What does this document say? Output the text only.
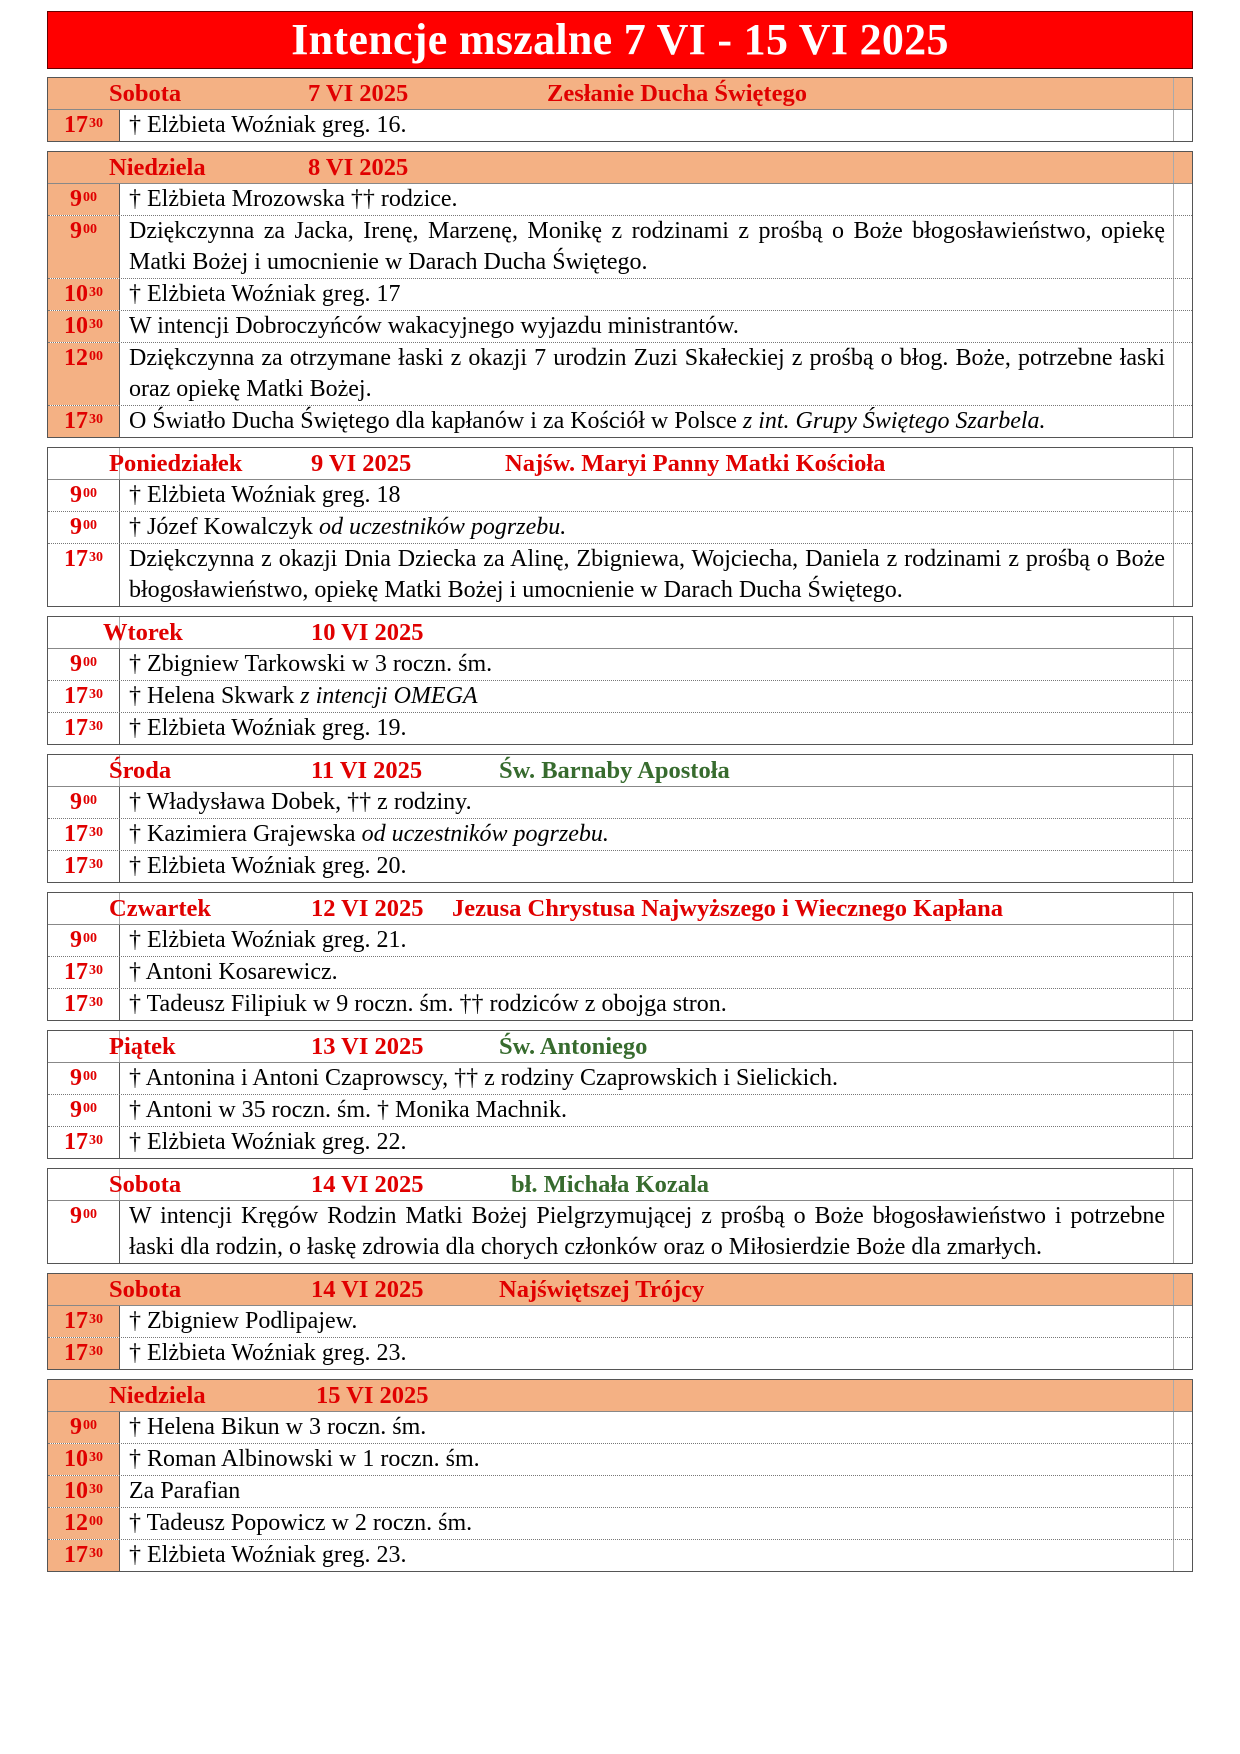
Intencje mszalne 7 VI - 15 VI 2025
Sobota	7 VI 2025	Zesłanie Ducha Świętego
$17^{30}$	† Elżbieta Woźniak greg. 16.
Niedziela	8 VI 2025
$9^{00}$	† Elżbieta Mrozowska †† rodzice.
$9^{00}$	Dziękczynna za Jacka, Irenę, Marzenę, Monikę z rodzinami z prośbą o Boże błogosławieństwo, opiekę Matki Bożej i umocnienie w Darach Ducha Świętego.
$10^{30}$	† Elżbieta Woźniak greg. 17
$10^{30}$	W intencji Dobroczyńców wakacyjnego wyjazdu ministrantów.
$12^{00}$	Dziękczynna za otrzymane łaski z okazji 7 urodzin Zuzi Skałeckiej z prośbą o błog. Boże, potrzebne łaski oraz opiekę Matki Bożej.
$17^{30}$	O Światło Ducha Świętego dla kapłanów i za Kościół w Polsce z int. Grupy Świętego Szarbela.
Poniedziałek	9 VI 2025	Najśw. Maryi Panny Matki Kościoła
$9^{00}$	† Elżbieta Woźniak greg. 18
$9^{00}$	† Józef Kowalczyk od uczestników pogrzebu.
$17^{30}$	Dziękczynna z okazji Dnia Dziecka za Alinę, Zbigniewa, Wojciecha, Daniela z rodzinami z prośbą o Boże błogosławieństwo, opiekę Matki Bożej i umocnienie w Darach Ducha Świętego.
Wtorek	10 VI 2025
$9^{00}$	† Zbigniew Tarkowski w 3 roczn. śm.
$17^{30}$	† Helena Skwark z intencji OMEGA
$17^{30}$	† Elżbieta Woźniak greg. 19.
Środa	11 VI 2025	Św. Barnaby Apostoła
$9^{00}$	† Władysława Dobek, †† z rodziny.
$17^{30}$	† Kazimiera Grajewska od uczestników pogrzebu.
$17^{30}$	† Elżbieta Woźniak greg. 20.
Czwartek	12 VI 2025 Jezusa Chrystusa Najwyższego i Wiecznego Kapłana
$9^{00}$	† Elżbieta Woźniak greg. 21.
$17^{30}$	† Antoni Kosarewicz.
$17^{30}$	† Tadeusz Filipiuk w 9 roczn. śm. †† rodziców z obojga stron.
Piątek	13 VI 2025	Św. Antoniego
$9^{00}$	† Antonina i Antoni Czaprowscy, †† z rodziny Czaprowskich i Sielickich.
$9^{00}$	† Antoni w 35 roczn. śm. † Monika Machnik.
$17^{30}$	† Elżbieta Woźniak greg. 22.
Sobota	14 VI 2025	bł. Michała Kozala
$9^{00}$	W intencji Kręgów Rodzin Matki Bożej Pielgrzymującej z prośbą o Boże błogosławieństwo i potrzebne łaski dla rodzin, o łaskę zdrowia dla chorych członków oraz o Miłosierdzie Boże dla zmarłych.
Sobota	14 VI 2025	Najświętszej Trójcy
$17^{30}$	† Zbigniew Podlipajew.
$17^{30}$	† Elżbieta Woźniak greg. 23.
Niedziela	15 VI 2025
$9^{00}$	† Helena Bikun w 3 roczn. śm.
$10^{30}$	† Roman Albinowski w 1 roczn. śm.
$10^{30}$	Za Parafian
$12^{00}$	† Tadeusz Popowicz w 2 roczn. śm.
$17^{30}$	† Elżbieta Woźniak greg. 23.
